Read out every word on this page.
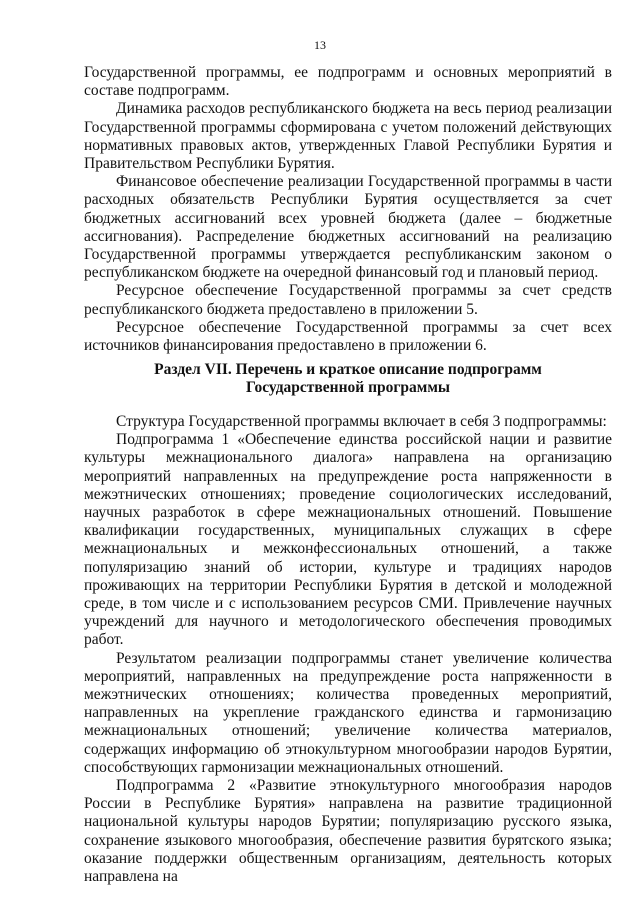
13

Государственной программы, ее подпрограмм и основных мероприятий в составе подпрограмм.

Динамика расходов республиканского бюджета на весь период реализации Государственной программы сформирована с учетом положений действующих нормативных правовых актов, утвержденных Главой Республики Бурятия и Правительством Республики Бурятия.

Финансовое обеспечение реализации Государственной программы в части расходных обязательств Республики Бурятия осуществляется за счет бюджетных ассигнований всех уровней бюджета (далее – бюджетные ассигнования). Распределение бюджетных ассигнований на реализацию Государственной программы утверждается республиканским законом о республиканском бюджете на очередной финансовый год и плановый период.

Ресурсное обеспечение Государственной программы за счет средств республиканского бюджета предоставлено в приложении 5.

Ресурсное обеспечение Государственной программы за счет всех источников финансирования предоставлено в приложении 6.

Раздел VII. Перечень и краткое описание подпрограмм
Государственной программы

Структура Государственной программы включает в себя 3 подпрограммы:

Подпрограмма 1 «Обеспечение единства российской нации и развитие культуры межнационального диалога» направлена на организацию мероприятий направленных на предупреждение роста напряженности в межэтнических отношениях; проведение социологических исследований, научных разработок в сфере межнациональных отношений. Повышение квалификации государственных, муниципальных служащих в сфере межнациональных и межконфессиональных отношений, а также популяризацию знаний об истории, культуре и традициях народов проживающих на территории Республики Бурятия в детской и молодежной среде, в том числе и с использованием ресурсов СМИ. Привлечение научных учреждений для научного и методологического обеспечения проводимых работ.

Результатом реализации подпрограммы станет увеличение количества мероприятий, направленных на предупреждение роста напряженности в межэтнических отношениях; количества проведенных мероприятий, направленных на укрепление гражданского единства и гармонизацию межнациональных отношений; увеличение количества материалов, содержащих информацию об этнокультурном многообразии народов Бурятии, способствующих гармонизации межнациональных отношений.

Подпрограмма 2 «Развитие этнокультурного многообразия народов России в Республике Бурятия» направлена на развитие традиционной национальной культуры народов Бурятии; популяризацию русского языка, сохранение языкового многообразия, обеспечение развития бурятского языка; оказание поддержки общественным организациям, деятельность которых направлена на
